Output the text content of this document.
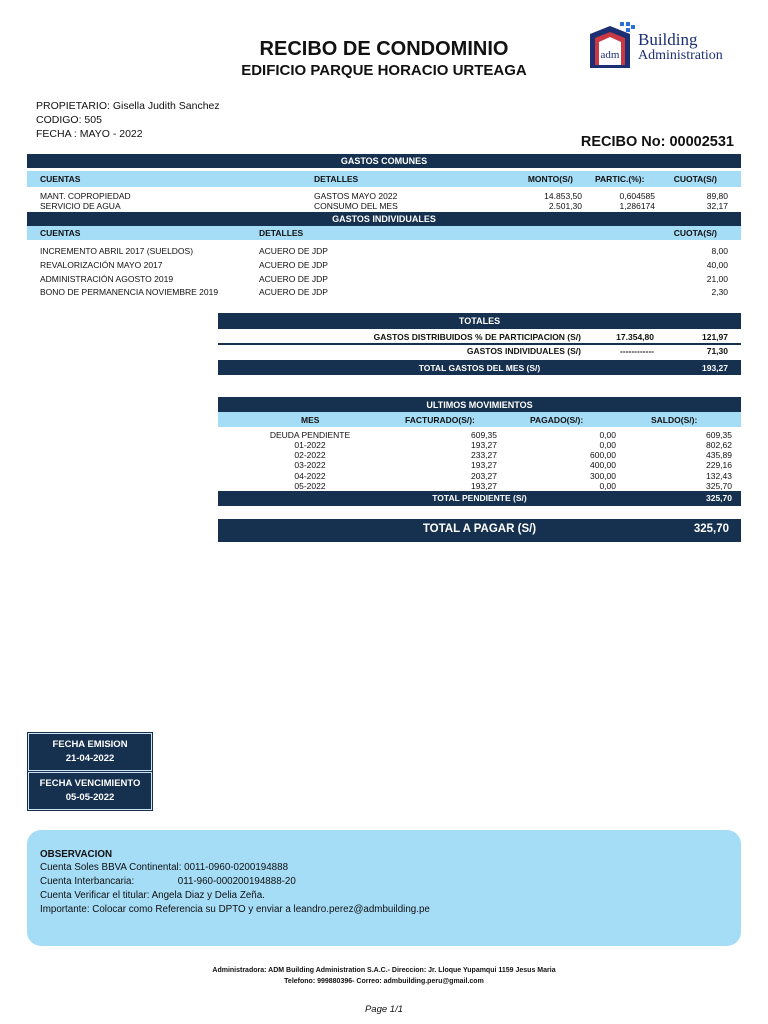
RECIBO DE CONDOMINIO
EDIFICIO PARQUE HORACIO URTEAGA
adm
Building
Administration
PROPIETARIO: Gisella Judith Sanchez
CODIGO: 505
FECHA : MAYO - 2022	RECIBO No: 00002531
GASTOS COMUNES
CUENTAS	DETALLES	MONTO(S/)	PARTIC.(%):	CUOTA(S/)
MANT. COPROPIEDAD	GASTOS MAYO 2022	14.853,50	0,604585	89,80
SERVICIO DE AGUA	CONSUMO DEL MES	2.501,30	1,286174	32,17
GASTOS INDIVIDUALES
CUENTAS	DETALLES	CUOTA(S/)
INCREMENTO ABRIL 2017 (SUELDOS)	ACUERO DE JDP	8,00
REVALORIZACIÓN MAYO 2017	ACUERO DE JDP	40,00
ADMINISTRACIÓN AGOSTO 2019	ACUERO DE JDP	21,00
BONO DE PERMANENCIA NOVIEMBRE 2019	ACUERO DE JDP	2,30
TOTALES
GASTOS DISTRIBUIDOS % DE PARTICIPACION (S/)	17.354,80	121,97
GASTOS INDIVIDUALES (S/)	------------	71,30
TOTAL GASTOS DEL MES (S/)	193,27
ULTIMOS MOVIMIENTOS
MES	FACTURADO(S/):	PAGADO(S/):	SALDO(S/):
DEUDA PENDIENTE	609,35	0,00	609,35
01-2022	193,27	0,00	802,62
02-2022	233,27	600,00	435,89
03-2022	193,27	400,00	229,16
04-2022	203,27	300,00	132,43
05-2022	193,27	0,00	325,70
TOTAL PENDIENTE (S/)	325,70
TOTAL A PAGAR (S/)	325,70
FECHA EMISION
21-04-2022
FECHA VENCIMIENTO
05-05-2022
OBSERVACION
Cuenta Soles BBVA Continental: 0011-0960-0200194888
Cuenta Interbancaria:                011-960-000200194888-20
Cuenta Verificar el titular: Angela Diaz y Delia Zeña.
Importante: Colocar como Referencia su DPTO y enviar a leandro.perez@admbuilding.pe
Administradora: ADM Building Administration S.A.C.- Direccion: Jr. Lloque Yupamqui 1159 Jesus Maria
Telefono: 999880396- Correo: admbuilding.peru@gmail.com
Page 1/1
